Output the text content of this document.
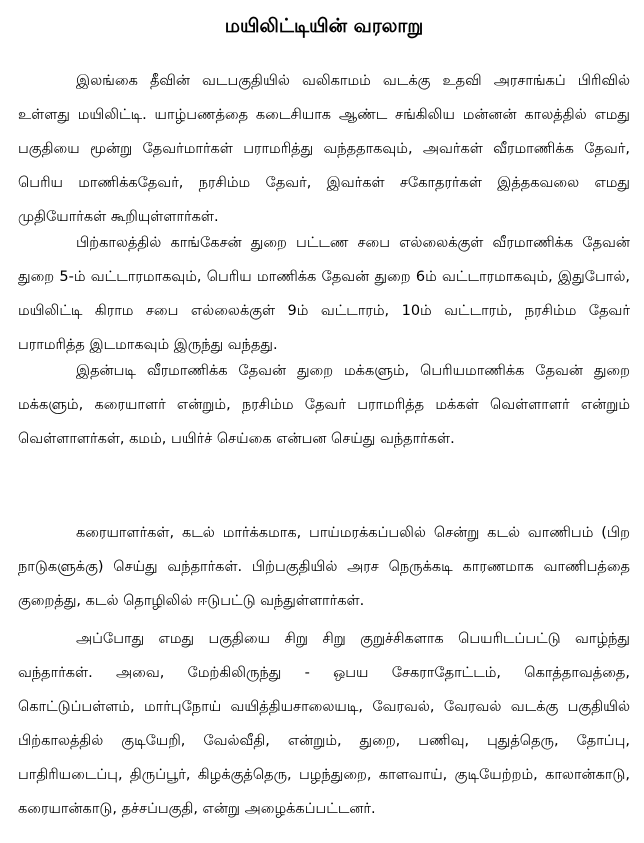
மயிலிட்டியின் வரலாறு

இலங்கை தீவின் வடபகுதியில் வலிகாமம் வடக்கு உதவி அரசாங்கப் பிரிவில் உள்ளது மயிலிட்டி. யாழ்பணத்தை கடைசியாக ஆண்ட சங்கிலிய மன்னன் காலத்தில் எமது பகுதியை மூன்று தேவர்மார்கள் பராமரித்து வந்ததாகவும், அவர்கள் வீரமாணிக்க தேவர், பெரிய மாணிக்கதேவர், நரசிம்ம தேவர், இவர்கள் சகோதரர்கள் இத்தகவலை எமது முதியோர்கள் கூறியுள்ளார்கள்.

பிற்காலத்தில் காங்கேசன் துறை பட்டண சபை எல்லைக்குள் வீரமாணிக்க தேவன் துறை 5-ம் வட்டாரமாகவும், பெரிய மாணிக்க தேவன் துறை 6ம் வட்டாரமாகவும், இதுபோல், மயிலிட்டி கிராம சபை எல்லைக்குள் 9ம் வட்டாரம், 10ம் வட்டாரம், நரசிம்ம தேவர் பராமரித்த இடமாகவும் இருந்து வந்தது.

இதன்படி வீரமாணிக்க தேவன் துறை மக்களும், பெரியமாணிக்க தேவன் துறை மக்களும், கரையாளர் என்றும், நரசிம்ம தேவர் பராமரித்த மக்கள் வெள்ளாளர் என்றும் வெள்ளாளர்கள், கமம், பயிர்ச் செய்கை என்பன செய்து வந்தார்கள்.

கரையாளர்கள், கடல் மார்க்கமாக, பாய்மரக்கப்பலில் சென்று கடல் வாணிபம் (பிற நாடுகளுக்கு) செய்து வந்தார்கள். பிற்பகுதியில் அரச நெருக்கடி காரணமாக வாணிபத்தை குறைத்து, கடல் தொழிலில் ஈடுபட்டு வந்துள்ளார்கள்.

அப்போது எமது பகுதியை சிறு சிறு குறுச்சிகளாக பெயரிடப்பட்டு வாழ்ந்து வந்தார்கள். அவை, மேற்கிலிருந்து - ஒபய சேகராதோட்டம், கொத்தாவத்தை, கொட்டுப்பள்ளம், மார்புநோய் வயித்தியசாலையடி, வேரவல், வேரவல் வடக்கு பகுதியில் பிற்காலத்தில் குடியேறி, வேல்வீதி, என்றும், துறை, பணிவு, புதுத்தெரு, தோப்பு, பாதிரியடைப்பு, திருப்பூர், கிழக்குத்தெரு, பழந்துறை, காளவாய், குடியேற்றம், காலான்காடு, கரையான்காடு, தச்சப்பகுதி, என்று அழைக்கப்பட்டனர்.
